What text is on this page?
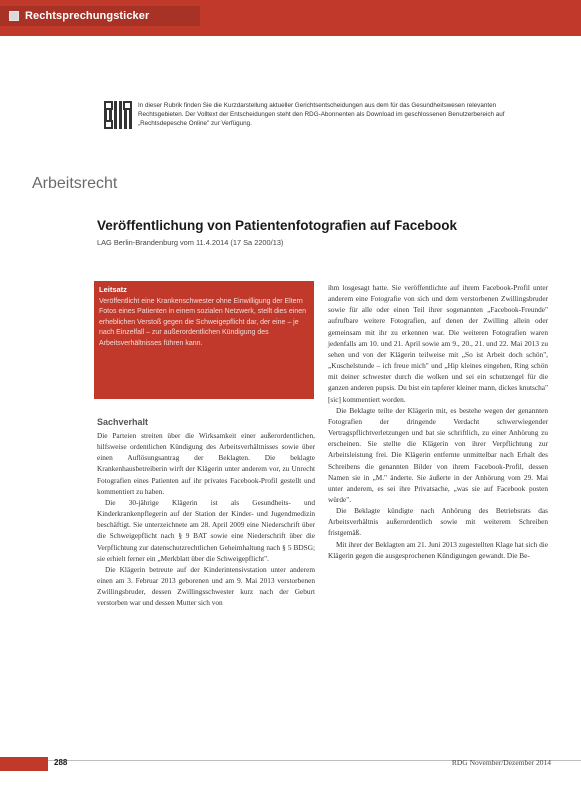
Rechtsprechungsticker
In dieser Rubrik finden Sie die Kurzdarstellung aktueller Gerichtsentscheidungen aus dem für das Gesundheitswesen relevanten Rechtsgebieten. Der Volltext der Entscheidungen steht den RDG-Abonnenten als Download im geschlossenen Benutzerbereich auf „Rechtsdepesche Online" zur Verfügung.
Arbeitsrecht
Veröffentlichung von Patientenfotografien auf Facebook
LAG Berlin-Brandenburg vom 11.4.2014 (17 Sa 2200/13)
Leitsatz
Veröffentlicht eine Krankenschwester ohne Einwilligung der Eltern Fotos eines Patienten in einem sozialen Netzwerk, stellt dies einen erheblichen Verstoß gegen die Schweigepflicht dar, der eine – je nach Einzelfall – zur außerordentlichen Kündigung des Arbeitsverhältnisses führen kann.
Sachverhalt

Die Parteien streiten über die Wirksamkeit einer außerordentlichen, hilfsweise ordentlichen Kündigung des Arbeitsverhältnisses sowie über einen Auflösungsantrag der Beklagten. Die beklagte Krankenhausbetreiberin wirft der Klägerin unter anderem vor, zu Unrecht Fotografien eines Patienten auf ihr privates Facebook-Profil gestellt und kommentiert zu haben.

Die 30-jährige Klägerin ist als Gesundheits- und Kinderkrankenpflegerin auf der Station der Kinder- und Jugendmedizin beschäftigt. Sie unterzeichnete am 28. April 2009 eine Niederschrift über die Schweigepflicht nach § 9 BAT sowie eine Niederschrift über die Verpflichtung zur datenschutzrechtlichen Geheimhaltung nach § 5 BDSG; sie erhielt ferner ein „Merkblatt über die Schweigepflicht".

Die Klägerin betreute auf der Kinderintensivstation unter anderem einen am 3. Februar 2013 geborenen und am 9. Mai 2013 verstorbenen Zwillingsbruder, dessen Zwillingsschwester kurz nach der Geburt verstorben war und dessen Mutter sich von

ihm losgesagt hatte. Sie veröffentlichte auf ihrem Facebook-Profil unter anderem eine Fotografie von sich und dem verstorbenen Zwillingsbruder sowie für alle oder einen Teil ihrer sogenannten „Facebook-Freunde" aufrufbare weitere Fotografien, auf denen der Zwilling allein oder gemeinsam mit ihr zu erkennen war. Die weiteren Fotografien waren jedenfalls am 10. und 21. April sowie am 9., 20., 21. und 22. Mai 2013 zu sehen und von der Klägerin teilweise mit „So ist Arbeit doch schön", „Kuschelstunde – ich freue mich" und „Hip kleines eingehen, Ring schön mit deiner schwester durch die wolken und sei ein schutzengel für die ganzen anderen pupsis. Du bist ein tapferer kleiner mann, dickes knutscha" [sic] kommentiert worden.

Die Beklagte teilte der Klägerin mit, es bestehe wegen der genannten Fotografien der dringende Verdacht schwerwiegender Vertragspflichtverletzungen und bat sie schriftlich, zu einer Anhörung zu erscheinen. Sie stellte die Klägerin von ihrer Verpflichtung zur Arbeitsleistung frei. Die Klägerin entfernte unmittelbar nach Erhalt des Schreibens die genannten Bilder von ihrem Facebook-Profil, dessen Namen sie in „M." änderte. Sie äußerte in der Anhörung vom 29. Mai unter anderem, es sei ihre Privatsache, „was sie auf Facebook posten würde".

Die Beklagte kündigte nach Anhörung des Betriebsrats das Arbeitsverhältnis außerordentlich sowie mit weiterem Schreiben fristgemäß.

Mit ihrer der Beklagten am 21. Juni 2013 zugestellten Klage hat sich die Klägerin gegen die ausgesprochenen Kündigungen gewandt. Die Be-

288	RDG November/Dezember 2014
